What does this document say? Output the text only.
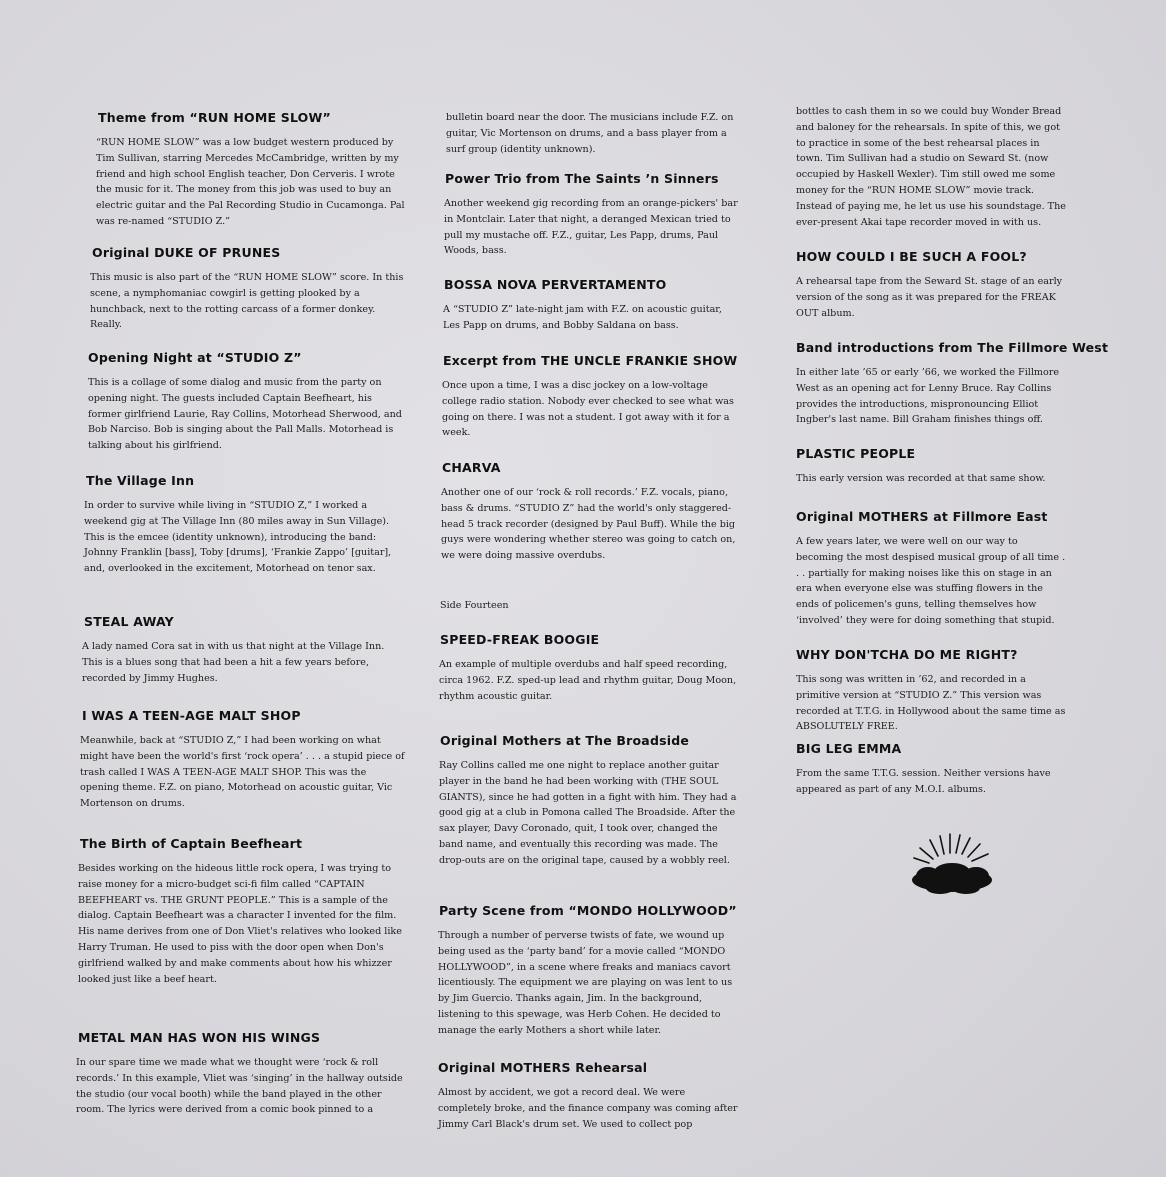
Theme from “RUN HOME SLOW”

“RUN HOME SLOW” was a low budget western produced by Tim Sullivan, starring Mercedes McCambridge, written by my friend and high school English teacher, Don Cerveris. I wrote the music for it. The money from this job was used to buy an electric guitar and the Pal Recording Studio in Cucamonga. Pal was re-named “STUDIO Z.”

Original DUKE OF PRUNES

This music is also part of the “RUN HOME SLOW” score. In this scene, a nymphomaniac cowgirl is getting plooked by a hunchback, next to the rotting carcass of a former donkey. Really.

Opening Night at “STUDIO Z”

This is a collage of some dialog and music from the party on opening night. The guests included Captain Beefheart, his former girlfriend Laurie, Ray Collins, Motorhead Sherwood, and Bob Narciso. Bob is singing about the Pall Malls. Motorhead is talking about his girlfriend.

The Village Inn

In order to survive while living in “STUDIO Z,” I worked a weekend gig at The Village Inn (80 miles away in Sun Village). This is the emcee (identity unknown), introducing the band: Johnny Franklin [bass], Toby [drums], ‘Frankie Zappo’ [guitar], and, overlooked in the excitement, Motorhead on tenor sax.

STEAL AWAY

A lady named Cora sat in with us that night at the Village Inn. This is a blues song that had been a hit a few years before, recorded by Jimmy Hughes.

I WAS A TEEN-AGE MALT SHOP

Meanwhile, back at “STUDIO Z,” I had been working on what might have been the world's first ‘rock opera’ . . . a stupid piece of trash called I WAS A TEEN-AGE MALT SHOP. This was the opening theme. F.Z. on piano, Motorhead on acoustic guitar, Vic Mortenson on drums.

The Birth of Captain Beefheart

Besides working on the hideous little rock opera, I was trying to raise money for a micro-budget sci-fi film called “CAPTAIN BEEFHEART vs. THE GRUNT PEOPLE.” This is a sample of the dialog. Captain Beefheart was a character I invented for the film. His name derives from one of Don Vliet's relatives who looked like Harry Truman. He used to piss with the door open when Don's girlfriend walked by and make comments about how his whizzer looked just like a beef heart.

METAL MAN HAS WON HIS WINGS

In our spare time we made what we thought were ‘rock & roll records.’ In this example, Vliet was ‘singing’ in the hallway outside the studio (our vocal booth) while the band played in the other room. The lyrics were derived from a comic book pinned to a

bulletin board near the door. The musicians include F.Z. on guitar, Vic Mortenson on drums, and a bass player from a surf group (identity unknown).

Power Trio from The Saints ’n Sinners

Another weekend gig recording from an orange-pickers' bar in Montclair. Later that night, a deranged Mexican tried to pull my mustache off. F.Z., guitar, Les Papp, drums, Paul Woods, bass.

BOSSA NOVA PERVERTAMENTO

A “STUDIO Z” late-night jam with F.Z. on acoustic guitar, Les Papp on drums, and Bobby Saldana on bass.

Excerpt from THE UNCLE FRANKIE SHOW

Once upon a time, I was a disc jockey on a low-voltage college radio station. Nobody ever checked to see what was going on there. I was not a student. I got away with it for a week.

CHARVA

Another one of our ‘rock & roll records.’ F.Z. vocals, piano, bass & drums. “STUDIO Z” had the world's only staggered-head 5 track recorder (designed by Paul Buff). While the big guys were wondering whether stereo was going to catch on, we were doing massive overdubs.

Side Fourteen
SPEED-FREAK BOOGIE

An example of multiple overdubs and half speed recording, circa 1962. F.Z. sped-up lead and rhythm guitar, Doug Moon, rhythm acoustic guitar.

Original Mothers at The Broadside

Ray Collins called me one night to replace another guitar player in the band he had been working with (THE SOUL GIANTS), since he had gotten in a fight with him. They had a good gig at a club in Pomona called The Broadside. After the sax player, Davy Coronado, quit, I took over, changed the band name, and eventually this recording was made. The drop-outs are on the original tape, caused by a wobbly reel.

Party Scene from “MONDO HOLLYWOOD”

Through a number of perverse twists of fate, we wound up being used as the ‘party band’ for a movie called “MONDO HOLLYWOOD”, in a scene where freaks and maniacs cavort licentiously. The equipment we are playing on was lent to us by Jim Guercio. Thanks again, Jim. In the background, listening to this spewage, was Herb Cohen. He decided to manage the early Mothers a short while later.

Original MOTHERS Rehearsal

Almost by accident, we got a record deal. We were completely broke, and the finance company was coming after Jimmy Carl Black's drum set. We used to collect pop

bottles to cash them in so we could buy Wonder Bread and baloney for the rehearsals. In spite of this, we got to practice in some of the best rehearsal places in town. Tim Sullivan had a studio on Seward St. (now occupied by Haskell Wexler). Tim still owed me some money for the “RUN HOME SLOW” movie track. Instead of paying me, he let us use his soundstage. The ever-present Akai tape recorder moved in with us.

HOW COULD I BE SUCH A FOOL?

A rehearsal tape from the Seward St. stage of an early version of the song as it was prepared for the FREAK OUT album.

Band introductions from The Fillmore West

In either late ’65 or early ’66, we worked the Fillmore West as an opening act for Lenny Bruce. Ray Collins provides the introductions, mispronouncing Elliot Ingber's last name. Bill Graham finishes things off.

PLASTIC PEOPLE

This early version was recorded at that same show.

Original MOTHERS at Fillmore East

A few years later, we were well on our way to becoming the most despised musical group of all time . . . partially for making noises like this on stage in an era when everyone else was stuffing flowers in the ends of policemen's guns, telling themselves how ‘involved’ they were for doing something that stupid.

WHY DON'TCHA DO ME RIGHT?

This song was written in ’62, and recorded in a primitive version at “STUDIO Z.” This version was recorded at T.T.G. in Hollywood about the same time as ABSOLUTELY FREE.

BIG LEG EMMA

From the same T.T.G. session. Neither versions have appeared as part of any M.O.I. albums.
